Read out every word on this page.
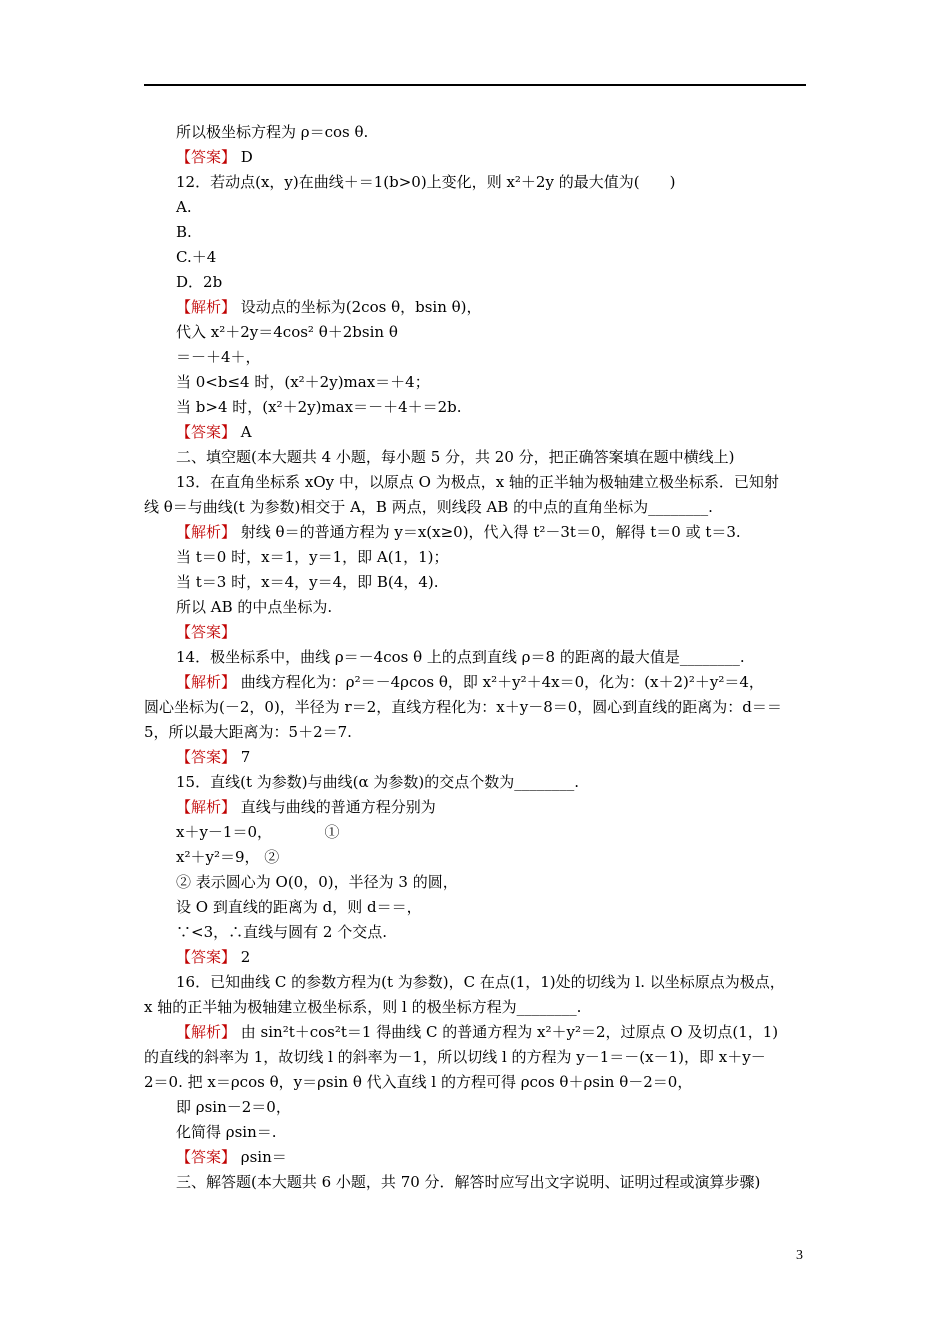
所以极坐标方程为 ρ＝cos θ.
【答案】 D
12．若动点(x，y)在曲线＋＝1(b>0)上变化，则 x²＋2y 的最大值为(　　)
A.
B.
C.＋4
D．2b
【解析】 设动点的坐标为(2cos θ，bsin θ)，
代入 x²＋2y＝4cos² θ＋2bsin θ
＝－＋4＋，
当 0<b≤4 时，(x²＋2y)max＝＋4；
当 b>4 时，(x²＋2y)max＝－＋4＋＝2b.
【答案】 A
二、填空题(本大题共 4 小题，每小题 5 分，共 20 分，把正确答案填在题中横线上)
13．在直角坐标系 xOy 中，以原点 O 为极点，x 轴的正半轴为极轴建立极坐标系．已知射
线 θ＝与曲线(t 为参数)相交于 A，B 两点，则线段 AB 的中点的直角坐标为________.
【解析】 射线 θ＝的普通方程为 y＝x(x≥0)，代入得 t²－3t＝0，解得 t＝0 或 t＝3.
当 t＝0 时，x＝1，y＝1，即 A(1，1)；
当 t＝3 时，x＝4，y＝4，即 B(4，4).
所以 AB 的中点坐标为.
【答案】
14．极坐标系中，曲线 ρ＝－4cos θ 上的点到直线 ρ＝8 的距离的最大值是________.
【解析】 曲线方程化为：ρ²＝－4ρcos θ，即 x²＋y²＋4x＝0，化为：(x＋2)²＋y²＝4，
圆心坐标为(－2，0)，半径为 r＝2，直线方程化为：x＋y－8＝0，圆心到直线的距离为：d＝＝
5，所以最大距离为：5＋2＝7.
【答案】 7
15．直线(t 为参数)与曲线(α 为参数)的交点个数为________.
【解析】 直线与曲线的普通方程分别为
x＋y－1＝0，　　　　①
x²＋y²＝9， ②
② 表示圆心为 O(0，0)，半径为 3 的圆，
设 O 到直线的距离为 d，则 d＝＝，
∵<3，∴直线与圆有 2 个交点.
【答案】 2
16．已知曲线 C 的参数方程为(t 为参数)，C 在点(1，1)处的切线为 l. 以坐标原点为极点，
x 轴的正半轴为极轴建立极坐标系，则 l 的极坐标方程为________.
【解析】 由 sin²t＋cos²t＝1 得曲线 C 的普通方程为 x²＋y²＝2，过原点 O 及切点(1，1)
的直线的斜率为 1，故切线 l 的斜率为－1，所以切线 l 的方程为 y－1＝－(x－1)，即 x＋y－
2＝0. 把 x＝ρcos θ，y＝ρsin θ 代入直线 l 的方程可得 ρcos θ＋ρsin θ－2＝0，
即 ρsin－2＝0，
化简得 ρsin＝.
【答案】 ρsin＝
三、解答题(本大题共 6 小题，共 70 分．解答时应写出文字说明、证明过程或演算步骤)
3
